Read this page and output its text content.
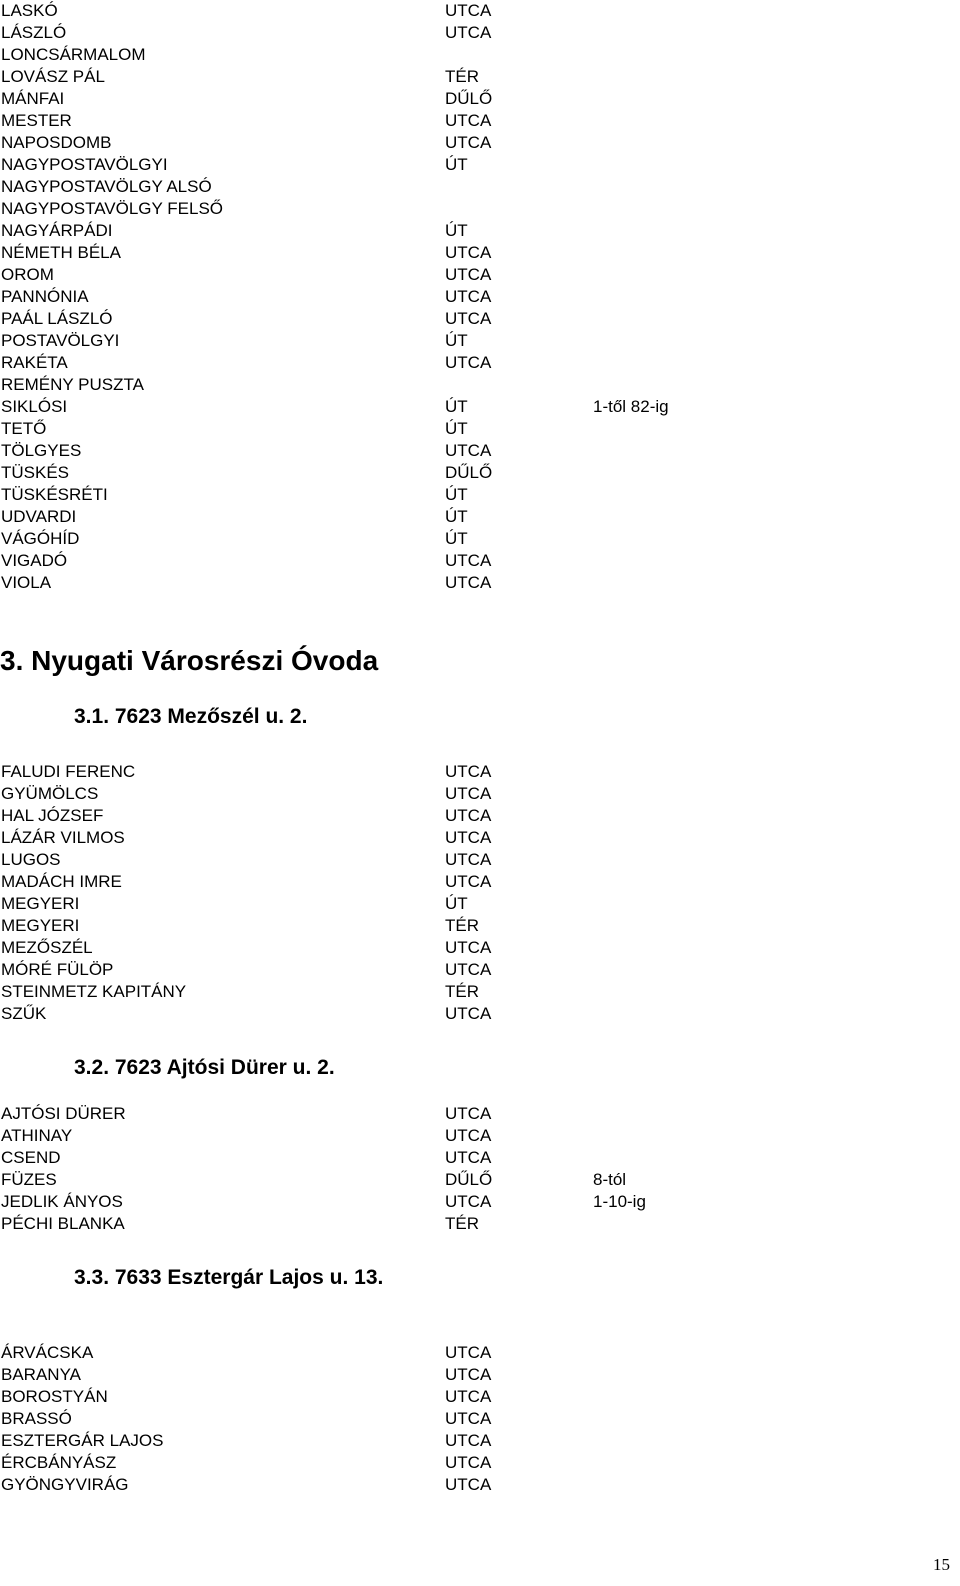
LASKÓ	UTCA
LÁSZLÓ	UTCA
LONCSÁRMALOM
LOVÁSZ PÁL	TÉR
MÁNFAI	DŰLŐ
MESTER	UTCA
NAPOSDOMB	UTCA
NAGYPOSTAVÖLGYI	ÚT
NAGYPOSTAVÖLGY ALSÓ
NAGYPOSTAVÖLGY FELSŐ
NAGYÁRPÁDI	ÚT
NÉMETH BÉLA	UTCA
OROM	UTCA
PANNÓNIA	UTCA
PAÁL LÁSZLÓ	UTCA
POSTAVÖLGYI	ÚT
RAKÉTA	UTCA
REMÉNY PUSZTA
SIKLÓSI	ÚT	1-től 82-ig
TETŐ	ÚT
TÖLGYES	UTCA
TÜSKÉS	DŰLŐ
TÜSKÉSRÉTI	ÚT
UDVARDI	ÚT
VÁGÓHÍD	ÚT
VIGADÓ	UTCA
VIOLA	UTCA
3. Nyugati Városrészi Óvoda
3.1. 7623 Mezőszél u. 2.
FALUDI FERENC	UTCA
GYÜMÖLCS	UTCA
HAL JÓZSEF	UTCA
LÁZÁR VILMOS	UTCA
LUGOS	UTCA
MADÁCH IMRE	UTCA
MEGYERI	ÚT
MEGYERI	TÉR
MEZŐSZÉL	UTCA
MÓRÉ FÜLÖP	UTCA
STEINMETZ KAPITÁNY	TÉR
SZŰK	UTCA
3.2. 7623 Ajtósi Dürer u. 2.
AJTÓSI DÜRER	UTCA
ATHINAY	UTCA
CSEND	UTCA
FÜZES	DŰLŐ	8-tól
JEDLIK ÁNYOS	UTCA	1-10-ig
PÉCHI BLANKA	TÉR
3.3. 7633 Esztergár Lajos u. 13.
ÁRVÁCSKA	UTCA
BARANYA	UTCA
BOROSTYÁN	UTCA
BRASSÓ	UTCA
ESZTERGÁR LAJOS	UTCA
ÉRCBÁNYÁSZ	UTCA
GYÖNGYVIRÁG	UTCA
15
